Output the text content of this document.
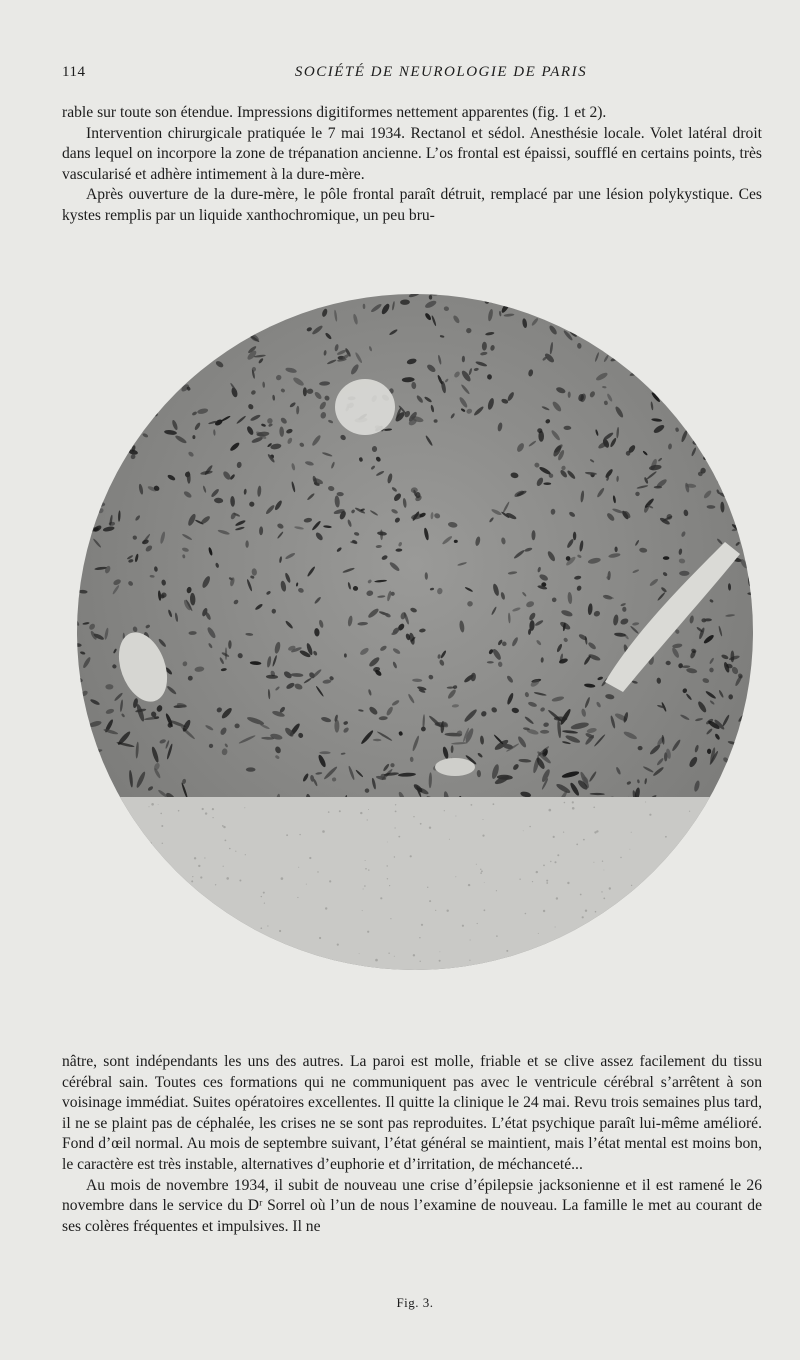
114	SOCIÉTÉ DE NEUROLOGIE DE PARIS

rable sur toute son étendue. Impressions digitiformes nettement apparentes (fig. 1 et 2).

Intervention chirurgicale pratiquée le 7 mai 1934. Rectanol et sédol. Anesthésie locale. Volet latéral droit dans lequel on incorpore la zone de trépanation ancienne. L’os frontal est épaissi, soufflé en certains points, très vascularisé et adhère intimement à la dure-mère.

Après ouverture de la dure-mère, le pôle frontal paraît détruit, remplacé par une lésion polykystique. Ces kystes remplis par un liquide xanthochromique, un peu bru-

Fig. 3.

nâtre, sont indépendants les uns des autres. La paroi est molle, friable et se clive assez facilement du tissu cérébral sain. Toutes ces formations qui ne communiquent pas avec le ventricule cérébral s’arrêtent à son voisinage immédiat. Suites opératoires excellentes. Il quitte la clinique le 24 mai. Revu trois semaines plus tard, il ne se plaint pas de céphalée, les crises ne se sont pas reproduites. L’état psychique paraît lui-même amélioré. Fond d’œil normal. Au mois de septembre suivant, l’état général se maintient, mais l’état mental est moins bon, le caractère est très instable, alternatives d’euphorie et d’irritation, de méchanceté...

Au mois de novembre 1934, il subit de nouveau une crise d’épilepsie jacksonienne et il est ramené le 26 novembre dans le service du Dʳ Sorrel où l’un de nous l’examine de nouveau. La famille le met au courant de ses colères fréquentes et impulsives. Il ne
